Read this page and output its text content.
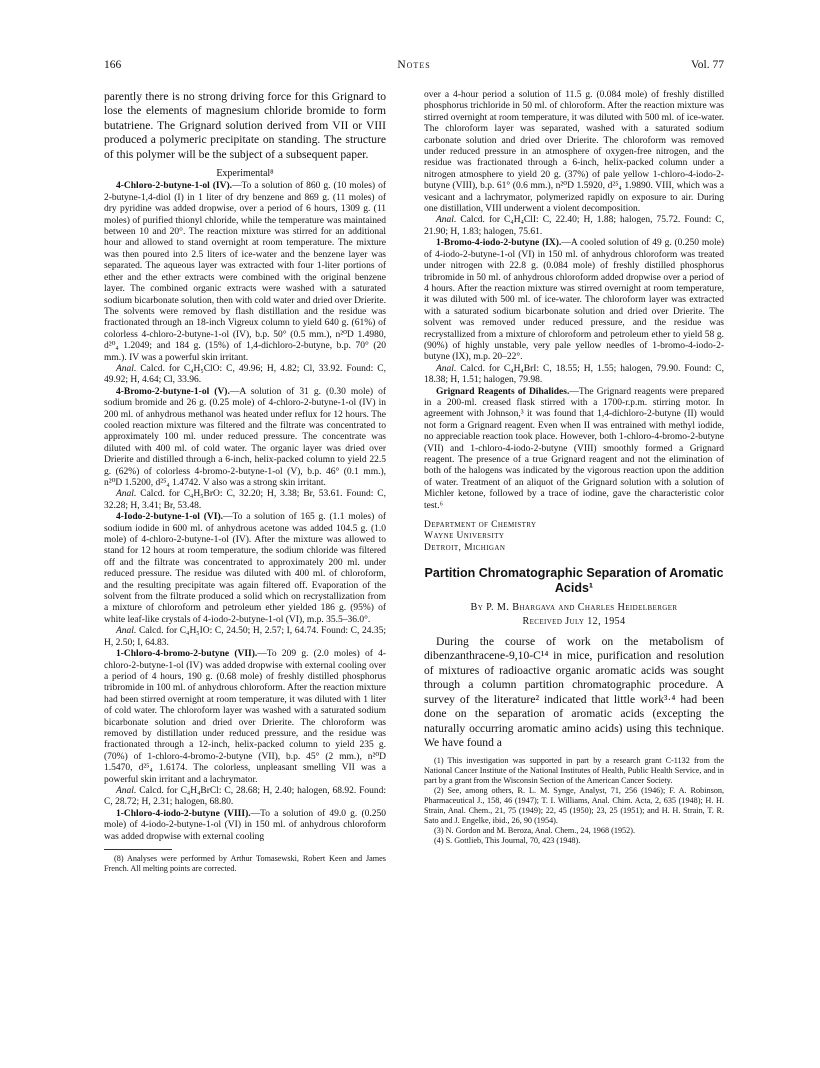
166	Notes	Vol. 77

parently there is no strong driving force for this Grignard to lose the elements of magnesium chloride bromide to form butatriene. The Grignard solution derived from VII or VIII produced a polymeric precipitate on standing. The structure of this polymer will be the subject of a subsequent paper.

Experimental⁸

4-Chloro-2-butyne-1-ol (IV).—To a solution of 860 g. (10 moles) of 2-butyne-1,4-diol (I) in 1 liter of dry benzene and 869 g. (11 moles) of dry pyridine was added dropwise, over a period of 6 hours, 1309 g. (11 moles) of purified thionyl chloride, while the temperature was maintained between 10 and 20°. The reaction mixture was stirred for an additional hour and allowed to stand overnight at room temperature. The mixture was then poured into 2.5 liters of ice-water and the benzene layer was separated. The aqueous layer was extracted with four 1-liter portions of ether and the ether extracts were combined with the original benzene layer. The combined organic extracts were washed with a saturated sodium bicarbonate solution, then with cold water and dried over Drierite. The solvents were removed by flash distillation and the residue was fractionated through an 18-inch Vigreux column to yield 640 g. (61%) of colorless 4-chloro-2-butyne-1-ol (IV), b.p. 50° (0.5 mm.), n²⁰D 1.4980, d²⁰₄ 1.2049; and 184 g. (15%) of 1,4-dichloro-2-butyne, b.p. 70° (20 mm.). IV was a powerful skin irritant.

Anal. Calcd. for C₄H₅ClO: C, 49.96; H, 4.82; Cl, 33.92. Found: C, 49.92; H, 4.64; Cl, 33.96.

4-Bromo-2-butyne-1-ol (V).—A solution of 31 g. (0.30 mole) of sodium bromide and 26 g. (0.25 mole) of 4-chloro-2-butyne-1-ol (IV) in 200 ml. of anhydrous methanol was heated under reflux for 12 hours. The cooled reaction mixture was filtered and the filtrate was concentrated to approximately 100 ml. under reduced pressure. The concentrate was diluted with 400 ml. of cold water. The organic layer was dried over Drierite and distilled through a 6-inch, helix-packed column to yield 22.5 g. (62%) of colorless 4-bromo-2-butyne-1-ol (V), b.p. 46° (0.1 mm.), n²⁰D 1.5200, d²⁵₄ 1.4742. V also was a strong skin irritant.

Anal. Calcd. for C₄H₅BrO: C, 32.20; H, 3.38; Br, 53.61. Found: C, 32.28; H, 3.41; Br, 53.48.

4-Iodo-2-butyne-1-ol (VI).—To a solution of 165 g. (1.1 moles) of sodium iodide in 600 ml. of anhydrous acetone was added 104.5 g. (1.0 mole) of 4-chloro-2-butyne-1-ol (IV). After the mixture was allowed to stand for 12 hours at room temperature, the sodium chloride was filtered off and the filtrate was concentrated to approximately 200 ml. under reduced pressure. The residue was diluted with 400 ml. of chloroform, and the resulting precipitate was again filtered off. Evaporation of the solvent from the filtrate produced a solid which on recrystallization from a mixture of chloroform and petroleum ether yielded 186 g. (95%) of white leaf-like crystals of 4-iodo-2-butyne-1-ol (VI), m.p. 35.5–36.0°.

Anal. Calcd. for C₄H₅IO: C, 24.50; H, 2.57; I, 64.74. Found: C, 24.35; H, 2.50; I, 64.83.

1-Chloro-4-bromo-2-butyne (VII).—To 209 g. (2.0 moles) of 4-chloro-2-butyne-1-ol (IV) was added dropwise with external cooling over a period of 4 hours, 190 g. (0.68 mole) of freshly distilled phosphorus tribromide in 100 ml. of anhydrous chloroform. After the reaction mixture had been stirred overnight at room temperature, it was diluted with 1 liter of cold water. The chloroform layer was washed with a saturated sodium bicarbonate solution and dried over Drierite. The chloroform was removed by distillation under reduced pressure, and the residue was fractionated through a 12-inch, helix-packed column to yield 235 g. (70%) of 1-chloro-4-bromo-2-butyne (VII), b.p. 45° (2 mm.), n²⁰D 1.5470, d²⁵₄ 1.6174. The colorless, unpleasant smelling VII was a powerful skin irritant and a lachrymator.

Anal. Calcd. for C₄H₄BrCl: C, 28.68; H, 2.40; halogen, 68.92. Found: C, 28.72; H, 2.31; halogen, 68.80.

1-Chloro-4-iodo-2-butyne (VIII).—To a solution of 49.0 g. (0.250 mole) of 4-iodo-2-butyne-1-ol (VI) in 150 ml. of anhydrous chloroform was added dropwise with external cooling

(8) Analyses were performed by Arthur Tomasewski, Robert Keen and James French. All melting points are corrected.

over a 4-hour period a solution of 11.5 g. (0.084 mole) of freshly distilled phosphorus trichloride in 50 ml. of chloroform. After the reaction mixture was stirred overnight at room temperature, it was diluted with 500 ml. of ice-water. The chloroform layer was separated, washed with a saturated sodium carbonate solution and dried over Drierite. The chloroform was removed under reduced pressure in an atmosphere of oxygen-free nitrogen, and the residue was fractionated through a 6-inch, helix-packed column under a nitrogen atmosphere to yield 20 g. (37%) of pale yellow 1-chloro-4-iodo-2-butyne (VIII), b.p. 61° (0.6 mm.), n²⁰D 1.5920, d²⁵₄ 1.9890. VIII, which was a vesicant and a lachrymator, polymerized rapidly on exposure to air. During one distillation, VIII underwent a violent decomposition.

Anal. Calcd. for C₄H₄ClI: C, 22.40; H, 1.88; halogen, 75.72. Found: C, 21.90; H, 1.83; halogen, 75.61.

1-Bromo-4-iodo-2-butyne (IX).—A cooled solution of 49 g. (0.250 mole) of 4-iodo-2-butyne-1-ol (VI) in 150 ml. of anhydrous chloroform was treated under nitrogen with 22.8 g. (0.084 mole) of freshly distilled phosphorus tribromide in 50 ml. of anhydrous chloroform added dropwise over a period of 4 hours. After the reaction mixture was stirred overnight at room temperature, it was diluted with 500 ml. of ice-water. The chloroform layer was extracted with a saturated sodium bicarbonate solution and dried over Drierite. The solvent was removed under reduced pressure, and the residue was recrystallized from a mixture of chloroform and petroleum ether to yield 58 g. (90%) of highly unstable, very pale yellow needles of 1-bromo-4-iodo-2-butyne (IX), m.p. 20–22°.

Anal. Calcd. for C₄H₄BrI: C, 18.55; H, 1.55; halogen, 79.90. Found: C, 18.38; H, 1.51; halogen, 79.98.

Grignard Reagents of Dihalides.—The Grignard reagents were prepared in a 200-ml. creased flask stirred with a 1700-r.p.m. stirring motor. In agreement with Johnson,³ it was found that 1,4-dichloro-2-butyne (II) would not form a Grignard reagent. Even when II was entrained with methyl iodide, no appreciable reaction took place. However, both 1-chloro-4-bromo-2-butyne (VII) and 1-chloro-4-iodo-2-butyne (VIII) smoothly formed a Grignard reagent. The presence of a true Grignard reagent and not the elimination of both of the halogens was indicated by the vigorous reaction upon the addition of water. Treatment of an aliquot of the Grignard solution with a solution of Michler ketone, followed by a trace of iodine, gave the characteristic color test.⁶

Department of Chemistry
Wayne University
Detroit, Michigan
Partition Chromatographic Separation of Aromatic Acids¹
By P. M. Bhargava and Charles Heidelberger
Received July 12, 1954

During the course of work on the metabolism of dibenzanthracene-9,10-C¹⁴ in mice, purification and resolution of mixtures of radioactive organic aromatic acids was sought through a column partition chromatographic procedure. A survey of the literature² indicated that little work³·⁴ had been done on the separation of aromatic acids (excepting the naturally occurring aromatic amino acids) using this technique. We have found a

(1) This investigation was supported in part by a research grant C-1132 from the National Cancer Institute of the National Institutes of Health, Public Health Service, and in part by a grant from the Wisconsin Section of the American Cancer Society.

(2) See, among others, R. L. M. Synge, Analyst, 71, 256 (1946); F. A. Robinson, Pharmaceutical J., 158, 46 (1947); T. I. Williams, Anal. Chim. Acta, 2, 635 (1948); H. H. Strain, Anal. Chem., 21, 75 (1949); 22, 45 (1950); 23, 25 (1951); and H. H. Strain, T. R. Sato and J. Engelke, ibid., 26, 90 (1954).

(3) N. Gordon and M. Beroza, Anal. Chem., 24, 1968 (1952).

(4) S. Gottlieb, This Journal, 70, 423 (1948).
